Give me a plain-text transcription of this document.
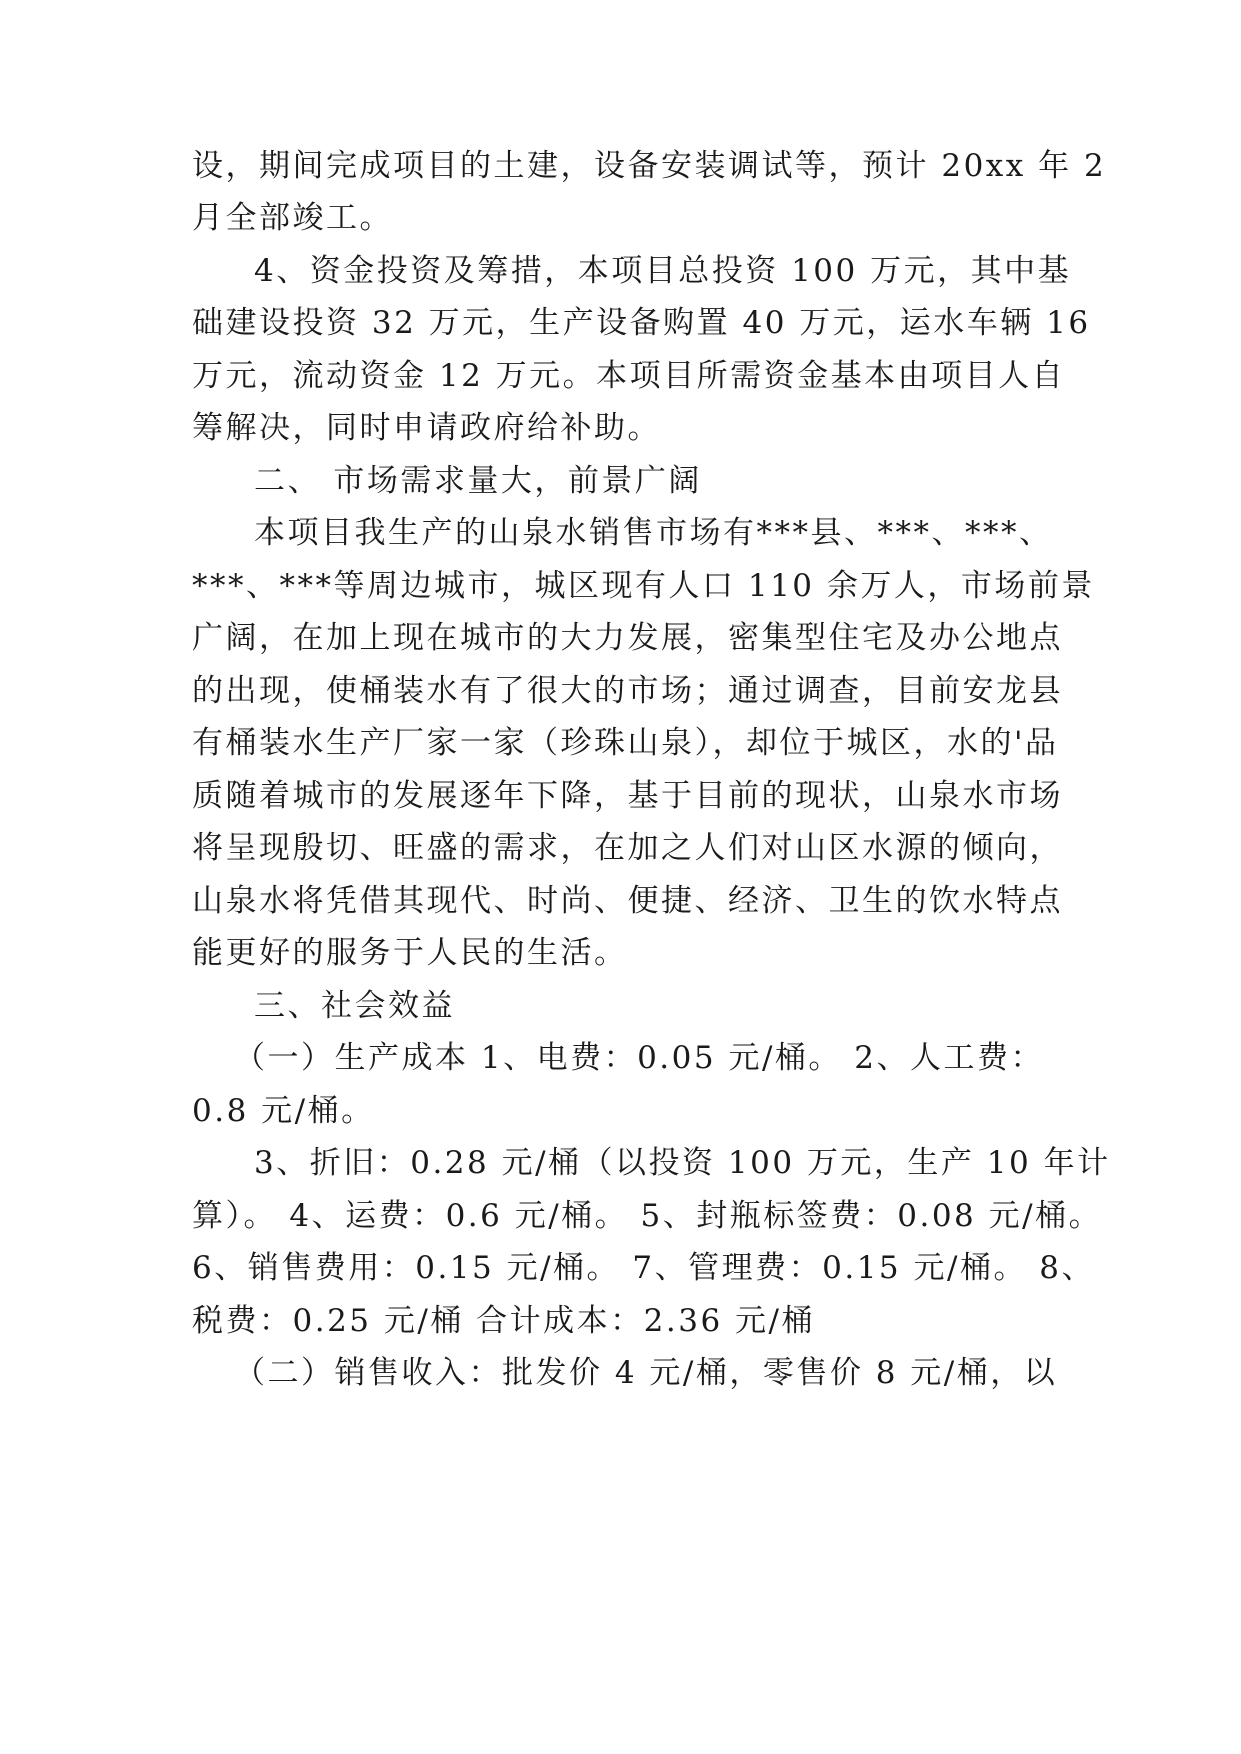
设，期间完成项目的土建，设备安装调试等，预计 20xx 年 2
月全部竣工。
4、资金投资及筹措，本项目总投资 100 万元，其中基
础建设投资 32 万元，生产设备购置 40 万元，运水车辆 16
万元，流动资金 12 万元。本项目所需资金基本由项目人自
筹解决，同时申请政府给补助。
二、 市场需求量大，前景广阔
本项目我生产的山泉水销售市场有***县、***、***、
***、***等周边城市，城区现有人口 110 余万人，市场前景
广阔，在加上现在城市的大力发展，密集型住宅及办公地点
的出现，使桶装水有了很大的市场；通过调查，目前安龙县
有桶装水生产厂家一家（珍珠山泉），却位于城区，水的'品
质随着城市的发展逐年下降，基于目前的现状，山泉水市场
将呈现殷切、旺盛的需求，在加之人们对山区水源的倾向，
山泉水将凭借其现代、时尚、便捷、经济、卫生的饮水特点
能更好的服务于人民的生活。
三、社会效益
（一）生产成本 1、电费：0.05 元/桶。 2、人工费：
0.8 元/桶。
3、折旧：0.28 元/桶（以投资 100 万元，生产 10 年计
算）。 4、运费：0.6 元/桶。 5、封瓶标签费：0.08 元/桶。
6、销售费用：0.15 元/桶。 7、管理费：0.15 元/桶。 8、
税费：0.25 元/桶 合计成本：2.36 元/桶
（二）销售收入：批发价 4 元/桶，零售价 8 元/桶，以
